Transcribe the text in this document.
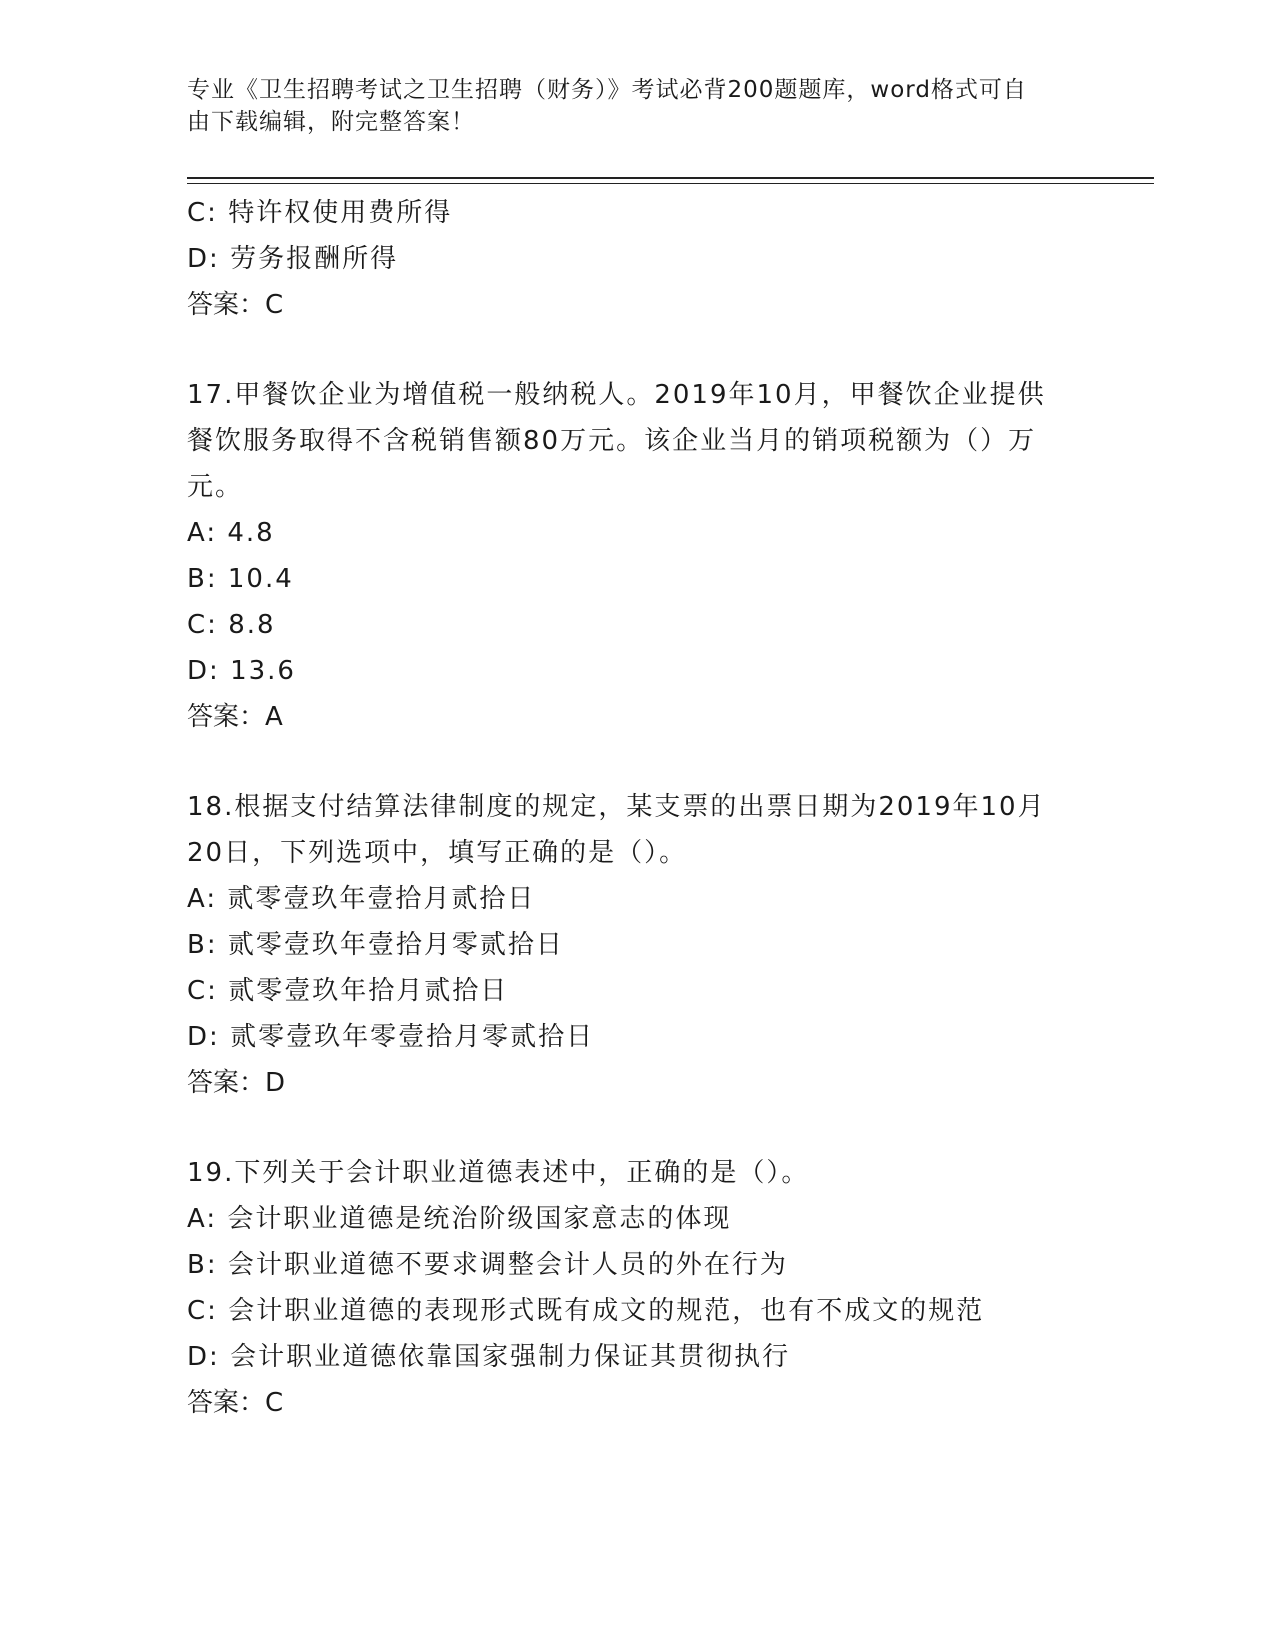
专业《卫生招聘考试之卫生招聘（财务）》考试必背200题题库，word格式可自
由下载编辑，附完整答案！
C: 特许权使用费所得
D: 劳务报酬所得
答案：C
17.甲餐饮企业为增值税一般纳税人。2019年10月，甲餐饮企业提供
餐饮服务取得不含税销售额80万元。该企业当月的销项税额为（）万
元。
A: 4.8
B: 10.4
C: 8.8
D: 13.6
答案：A
18.根据支付结算法律制度的规定，某支票的出票日期为2019年10月
20日，下列选项中，填写正确的是（）。
A: 贰零壹玖年壹拾月贰拾日
B: 贰零壹玖年壹拾月零贰拾日
C: 贰零壹玖年拾月贰拾日
D: 贰零壹玖年零壹拾月零贰拾日
答案：D
19.下列关于会计职业道德表述中，正确的是（）。
A: 会计职业道德是统治阶级国家意志的体现
B: 会计职业道德不要求调整会计人员的外在行为
C: 会计职业道德的表现形式既有成文的规范，也有不成文的规范
D: 会计职业道德依靠国家强制力保证其贯彻执行
答案：C
